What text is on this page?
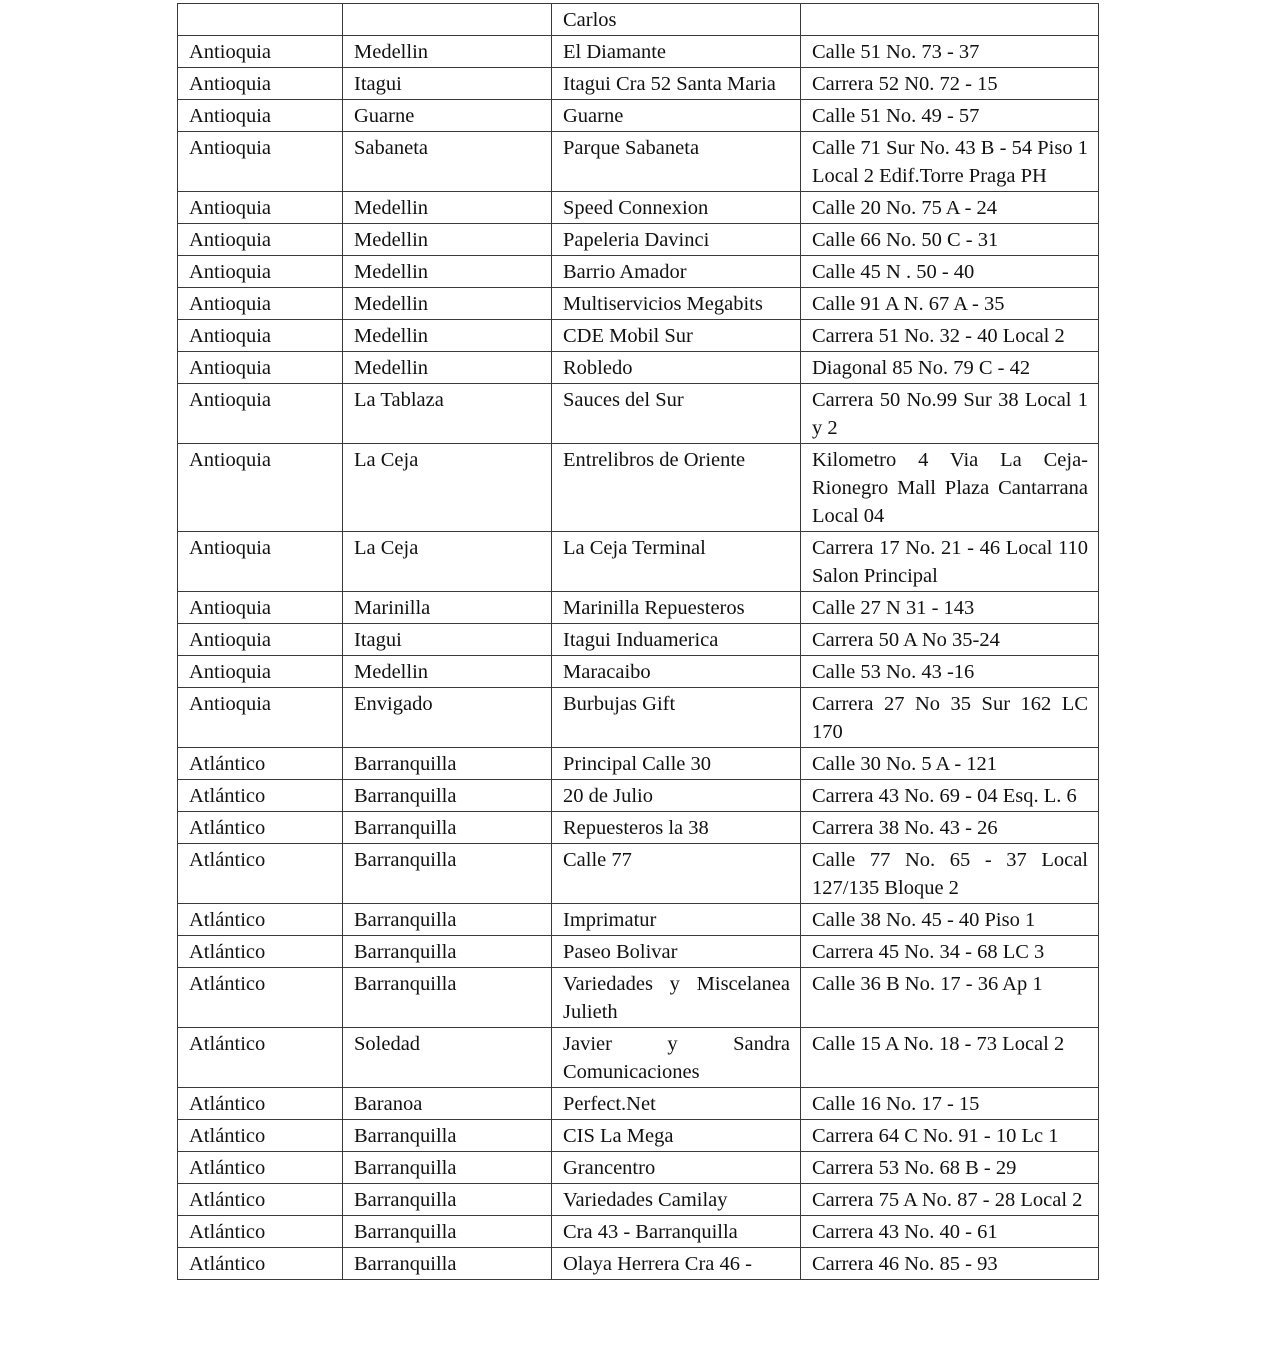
		Carlos	
Antioquia	Medellin	El Diamante	Calle 51 No. 73 - 37
Antioquia	Itagui	Itagui Cra 52 Santa Maria	Carrera 52 N0. 72 - 15
Antioquia	Guarne	Guarne	Calle 51 No. 49 - 57
Antioquia	Sabaneta	Parque Sabaneta	Calle 71 Sur No. 43 B - 54 Piso 1 Local 2 Edif.Torre Praga PH
Antioquia	Medellin	Speed Connexion	Calle 20 No. 75 A - 24
Antioquia	Medellin	Papeleria Davinci	Calle 66 No. 50 C - 31
Antioquia	Medellin	Barrio Amador	Calle 45 N . 50 - 40
Antioquia	Medellin	Multiservicios Megabits	Calle 91 A N. 67 A - 35
Antioquia	Medellin	CDE Mobil Sur	Carrera 51 No. 32 - 40 Local 2
Antioquia	Medellin	Robledo	Diagonal 85 No. 79 C - 42
Antioquia	La Tablaza	Sauces del Sur	Carrera 50 No.99 Sur 38 Local 1 y 2
Antioquia	La Ceja	Entrelibros de Oriente	Kilometro 4 Via La Ceja-Rionegro Mall Plaza Cantarrana Local 04
Antioquia	La Ceja	La Ceja Terminal	Carrera 17 No. 21 - 46 Local 110 Salon Principal
Antioquia	Marinilla	Marinilla Repuesteros	Calle 27 N 31 - 143
Antioquia	Itagui	Itagui Induamerica	Carrera 50 A No 35-24
Antioquia	Medellin	Maracaibo	Calle 53 No. 43 -16
Antioquia	Envigado	Burbujas Gift	Carrera 27 No 35 Sur 162 LC 170
Atlántico	Barranquilla	Principal Calle 30	Calle 30 No. 5 A - 121
Atlántico	Barranquilla	20 de Julio	Carrera 43 No. 69 - 04 Esq. L. 6
Atlántico	Barranquilla	Repuesteros la 38	Carrera 38 No. 43 - 26
Atlántico	Barranquilla	Calle 77	Calle 77 No. 65 - 37 Local 127/135 Bloque 2
Atlántico	Barranquilla	Imprimatur	Calle 38 No. 45 - 40 Piso 1
Atlántico	Barranquilla	Paseo Bolivar	Carrera 45 No. 34 - 68 LC 3
Atlántico	Barranquilla	Variedades y Miscelanea Julieth	Calle 36 B No. 17 - 36 Ap 1
Atlántico	Soledad	Javier y Sandra Comunicaciones	Calle 15 A No. 18 - 73 Local 2
Atlántico	Baranoa	Perfect.Net	Calle 16 No. 17 - 15
Atlántico	Barranquilla	CIS La Mega	Carrera 64 C No. 91 - 10 Lc 1
Atlántico	Barranquilla	Grancentro	Carrera 53 No. 68 B - 29
Atlántico	Barranquilla	Variedades Camilay	Carrera 75 A No. 87 - 28 Local 2
Atlántico	Barranquilla	Cra 43 - Barranquilla	Carrera 43 No. 40 - 61
Atlántico	Barranquilla	Olaya Herrera Cra 46 -	Carrera 46 No. 85 - 93
